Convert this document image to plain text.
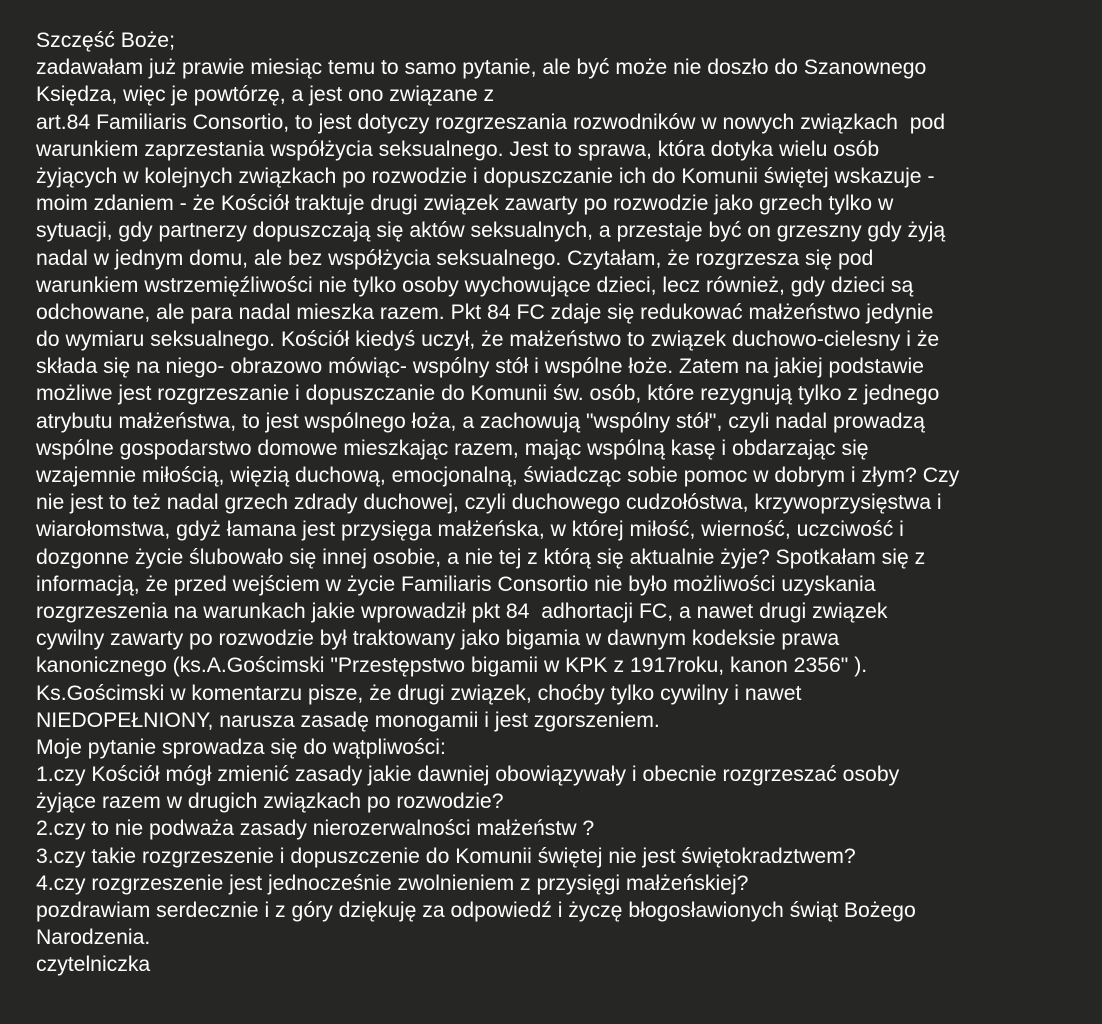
Szczęść Boże;
zadawałam już prawie miesiąc temu to samo pytanie, ale być może nie doszło do Szanownego
Księdza, więc je powtórzę, a jest ono związane z
art.84 Familiaris Consortio, to jest dotyczy rozgrzeszania rozwodników w nowych związkach  pod
warunkiem zaprzestania współżycia seksualnego. Jest to sprawa, która dotyka wielu osób
żyjących w kolejnych związkach po rozwodzie i dopuszczanie ich do Komunii świętej wskazuje -
moim zdaniem - że Kościół traktuje drugi związek zawarty po rozwodzie jako grzech tylko w
sytuacji, gdy partnerzy dopuszczają się aktów seksualnych, a przestaje być on grzeszny gdy żyją
nadal w jednym domu, ale bez współżycia seksualnego. Czytałam, że rozgrzesza się pod
warunkiem wstrzemięźliwości nie tylko osoby wychowujące dzieci, lecz również, gdy dzieci są
odchowane, ale para nadal mieszka razem. Pkt 84 FC zdaje się redukować małżeństwo jedynie
do wymiaru seksualnego. Kościół kiedyś uczył, że małżeństwo to związek duchowo-cielesny i że
składa się na niego- obrazowo mówiąc- wspólny stół i wspólne łoże. Zatem na jakiej podstawie
możliwe jest rozgrzeszanie i dopuszczanie do Komunii św. osób, które rezygnują tylko z jednego
atrybutu małżeństwa, to jest wspólnego łoża, a zachowują "wspólny stół", czyli nadal prowadzą
wspólne gospodarstwo domowe mieszkając razem, mając wspólną kasę i obdarzając się
wzajemnie miłością, więzią duchową, emocjonalną, świadcząc sobie pomoc w dobrym i złym? Czy
nie jest to też nadal grzech zdrady duchowej, czyli duchowego cudzołóstwa, krzywoprzysięstwa i
wiarołomstwa, gdyż łamana jest przysięga małżeńska, w której miłość, wierność, uczciwość i
dozgonne życie ślubowało się innej osobie, a nie tej z którą się aktualnie żyje? Spotkałam się z
informacją, że przed wejściem w życie Familiaris Consortio nie było możliwości uzyskania
rozgrzeszenia na warunkach jakie wprowadził pkt 84  adhortacji FC, a nawet drugi związek
cywilny zawarty po rozwodzie był traktowany jako bigamia w dawnym kodeksie prawa
kanonicznego (ks.A.Gościmski "Przestępstwo bigamii w KPK z 1917roku, kanon 2356" ).
Ks.Gościmski w komentarzu pisze, że drugi związek, choćby tylko cywilny i nawet
NIEDOPEŁNIONY, narusza zasadę monogamii i jest zgorszeniem.
Moje pytanie sprowadza się do wątpliwości:
1.czy Kościół mógł zmienić zasady jakie dawniej obowiązywały i obecnie rozgrzeszać osoby
żyjące razem w drugich związkach po rozwodzie?
2.czy to nie podważa zasady nierozerwalności małżeństw ?
3.czy takie rozgrzeszenie i dopuszczenie do Komunii świętej nie jest świętokradztwem?
4.czy rozgrzeszenie jest jednocześnie zwolnieniem z przysięgi małżeńskiej?
pozdrawiam serdecznie i z góry dziękuję za odpowiedź i życzę błogosławionych świąt Bożego
Narodzenia.
czytelniczka
